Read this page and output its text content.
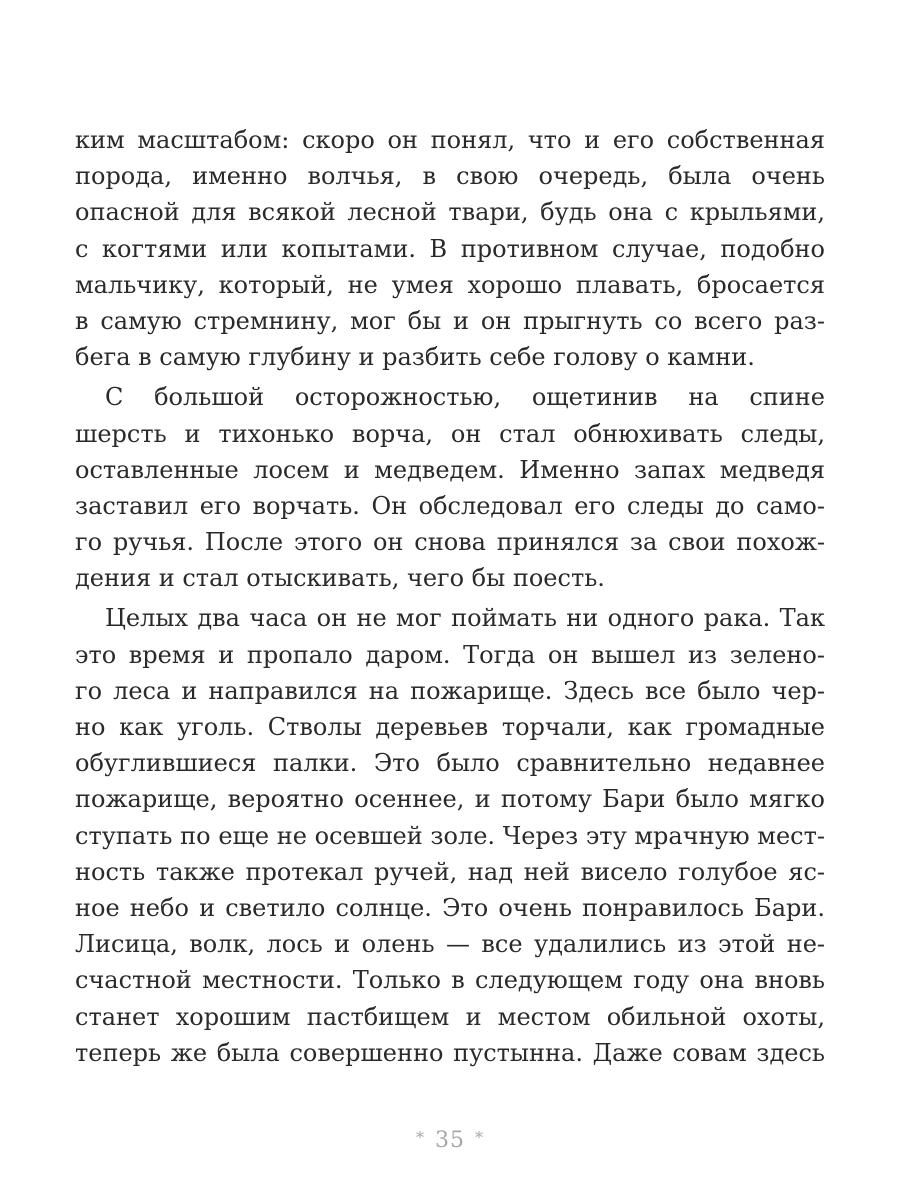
ким масштабом: скоро он понял, что и его собственная
порода, именно волчья, в свою очередь, была очень
опасной для всякой лесной твари, будь она с крыльями,
с когтями или копытами. В противном случае, подобно
мальчику, который, не умея хорошо плавать, бросается
в самую стремнину, мог бы и он прыгнуть со всего раз-
бега в самую глубину и разбить себе голову о камни.
С большой осторожностью, ощетинив на спине
шерсть и тихонько ворча, он стал обнюхивать следы,
оставленные лосем и медведем. Именно запах медведя
заставил его ворчать. Он обследовал его следы до само-
го ручья. После этого он снова принялся за свои похож-
дения и стал отыскивать, чего бы поесть.
Целых два часа он не мог поймать ни одного рака. Так
это время и пропало даром. Тогда он вышел из зелено-
го леса и направился на пожарище. Здесь все было чер-
но как уголь. Стволы деревьев торчали, как громадные
обуглившиеся палки. Это было сравнительно недавнее
пожарище, вероятно осеннее, и потому Бари было мягко
ступать по еще не осевшей золе. Через эту мрачную мест-
ность также протекал ручей, над ней висело голубое яс-
ное небо и светило солнце. Это очень понравилось Бари.
Лисица, волк, лось и олень — все удалились из этой не-
счастной местности. Только в следующем году она вновь
станет хорошим пастбищем и местом обильной охоты,
теперь же была совершенно пустынна. Даже совам здесь
* 35 *
